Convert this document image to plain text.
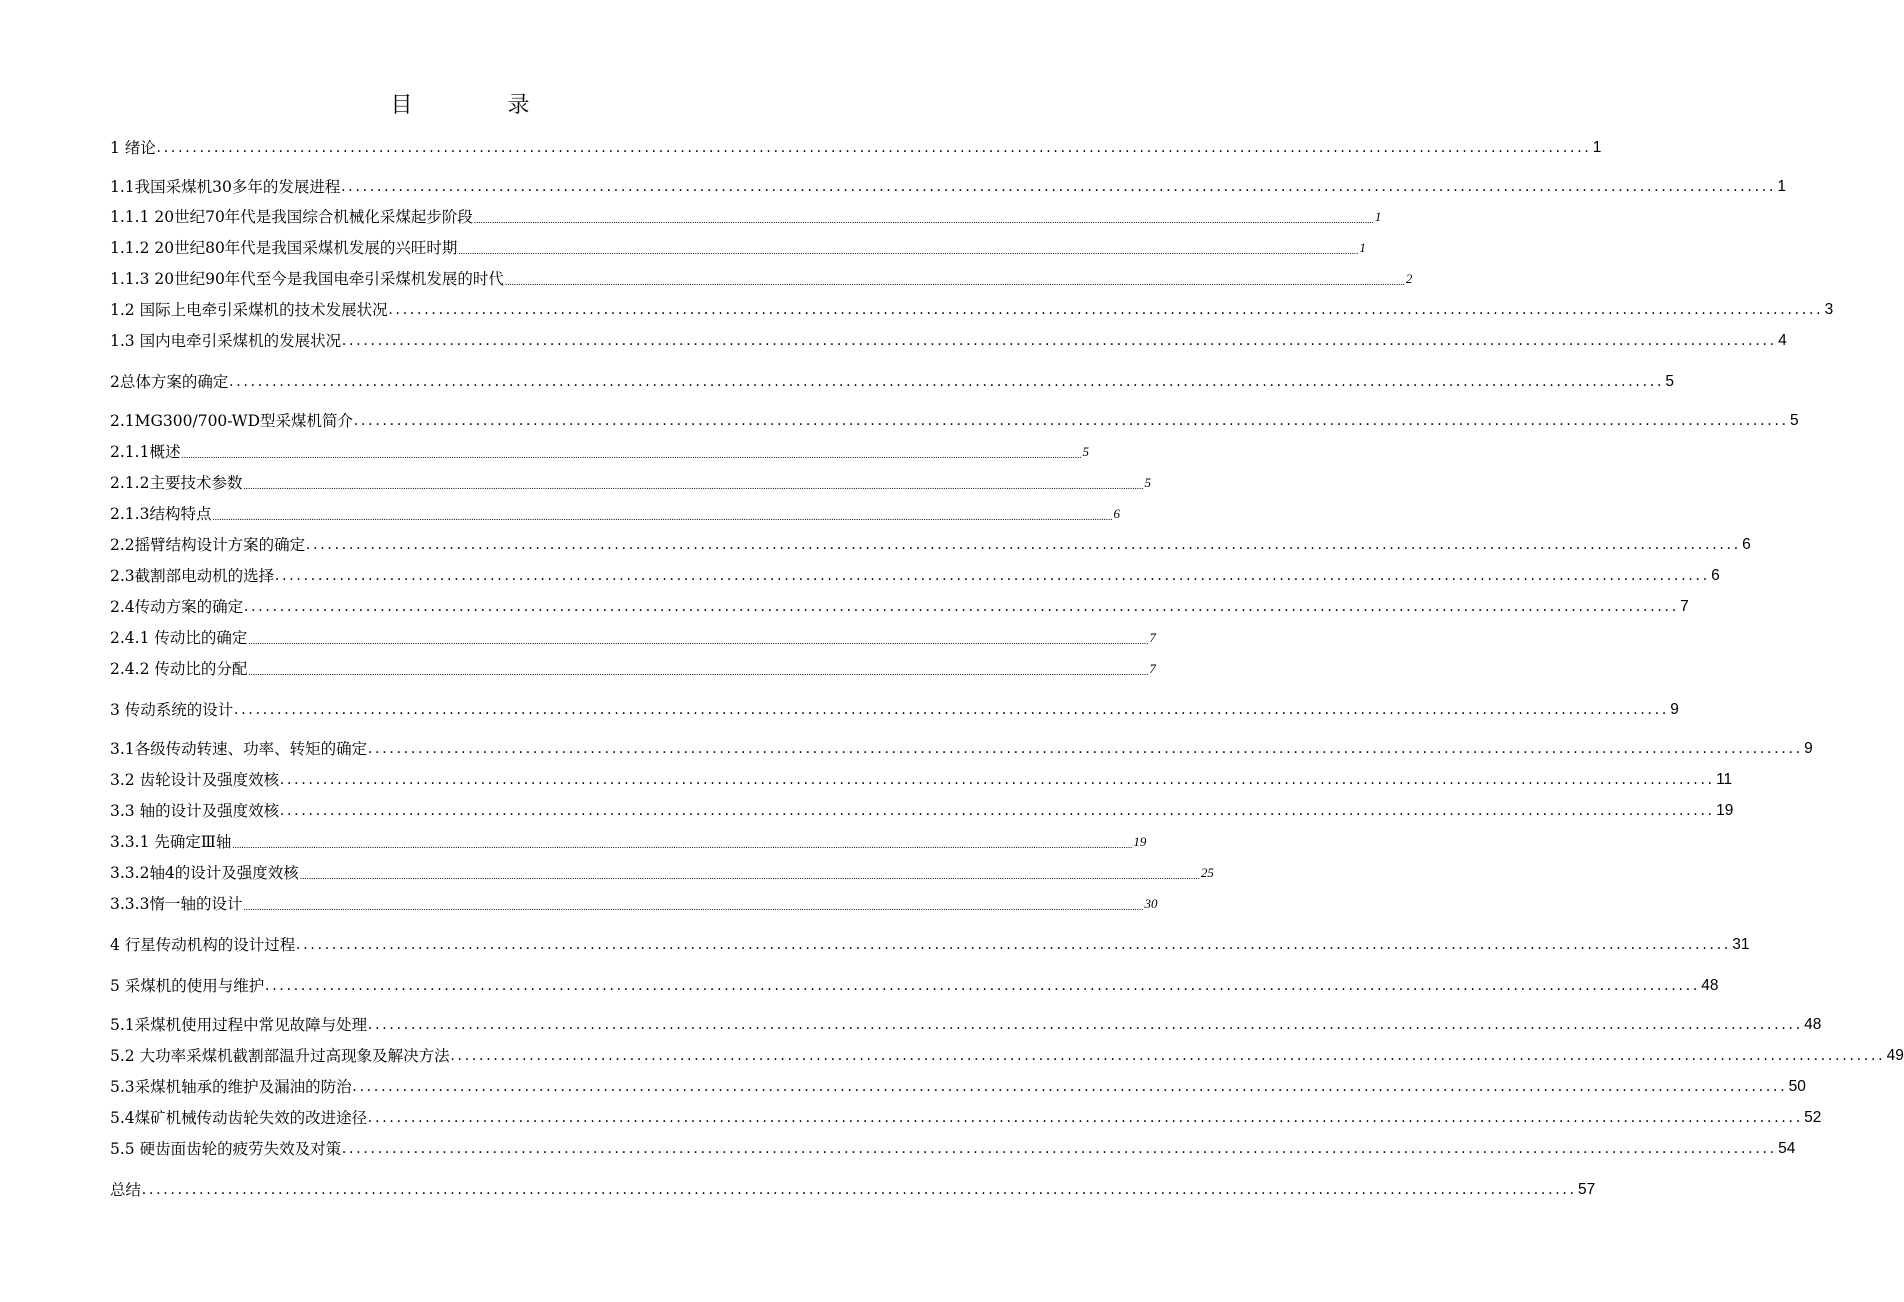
目 录
1 绪论 ........................................................................................................................................................................................................ 1
1.1我国采煤机30多年的发展进程 ........................................................................................................................................................................................................ 1
1.1.1 20世纪70年代是我国综合机械化采煤起步阶段 ................................................................................................................................................................................................................................................................................................................................................................................................................ 1
1.1.2 20世纪80年代是我国采煤机发展的兴旺时期 ................................................................................................................................................................................................................................................................................................................................................................................................................ 1
1.1.3 20世纪90年代至今是我国电牵引采煤机发展的时代 ................................................................................................................................................................................................................................................................................................................................................................................................................ 2
1.2 国际上电牵引采煤机的技术发展状况 ........................................................................................................................................................................................................ 3
1.3 国内电牵引采煤机的发展状况 ........................................................................................................................................................................................................ 4
2总体方案的确定 ........................................................................................................................................................................................................ 5
2.1MG300/700-WD型采煤机简介 ........................................................................................................................................................................................................ 5
2.1.1概述 ................................................................................................................................................................................................................................................................................................................................................................................................................ 5
2.1.2主要技术参数 ................................................................................................................................................................................................................................................................................................................................................................................................................ 5
2.1.3结构特点 ................................................................................................................................................................................................................................................................................................................................................................................................................ 6
2.2摇臂结构设计方案的确定 ........................................................................................................................................................................................................ 6
2.3截割部电动机的选择 ........................................................................................................................................................................................................ 6
2.4传动方案的确定 ........................................................................................................................................................................................................ 7
2.4.1 传动比的确定 ................................................................................................................................................................................................................................................................................................................................................................................................................ 7
2.4.2 传动比的分配 ................................................................................................................................................................................................................................................................................................................................................................................................................ 7
3 传动系统的设计 ........................................................................................................................................................................................................ 9
3.1各级传动转速、功率、转矩的确定 ........................................................................................................................................................................................................ 9
3.2 齿轮设计及强度效核 ........................................................................................................................................................................................................ 11
3.3 轴的设计及强度效核 ........................................................................................................................................................................................................ 19
3.3.1 先确定Ⅲ轴 ................................................................................................................................................................................................................................................................................................................................................................................................................ 19
3.3.2轴4的设计及强度效核 ................................................................................................................................................................................................................................................................................................................................................................................................................ 25
3.3.3惰一轴的设计 ................................................................................................................................................................................................................................................................................................................................................................................................................ 30
4 行星传动机构的设计过程 ........................................................................................................................................................................................................ 31
5 采煤机的使用与维护 ........................................................................................................................................................................................................ 48
5.1采煤机使用过程中常见故障与处理 ........................................................................................................................................................................................................ 48
5.2 大功率采煤机截割部温升过高现象及解决方法 ........................................................................................................................................................................................................ 49
5.3采煤机轴承的维护及漏油的防治 ........................................................................................................................................................................................................ 50
5.4煤矿机械传动齿轮失效的改进途径 ........................................................................................................................................................................................................ 52
5.5 硬齿面齿轮的疲劳失效及对策 ........................................................................................................................................................................................................ 54
总结 ........................................................................................................................................................................................................ 57
